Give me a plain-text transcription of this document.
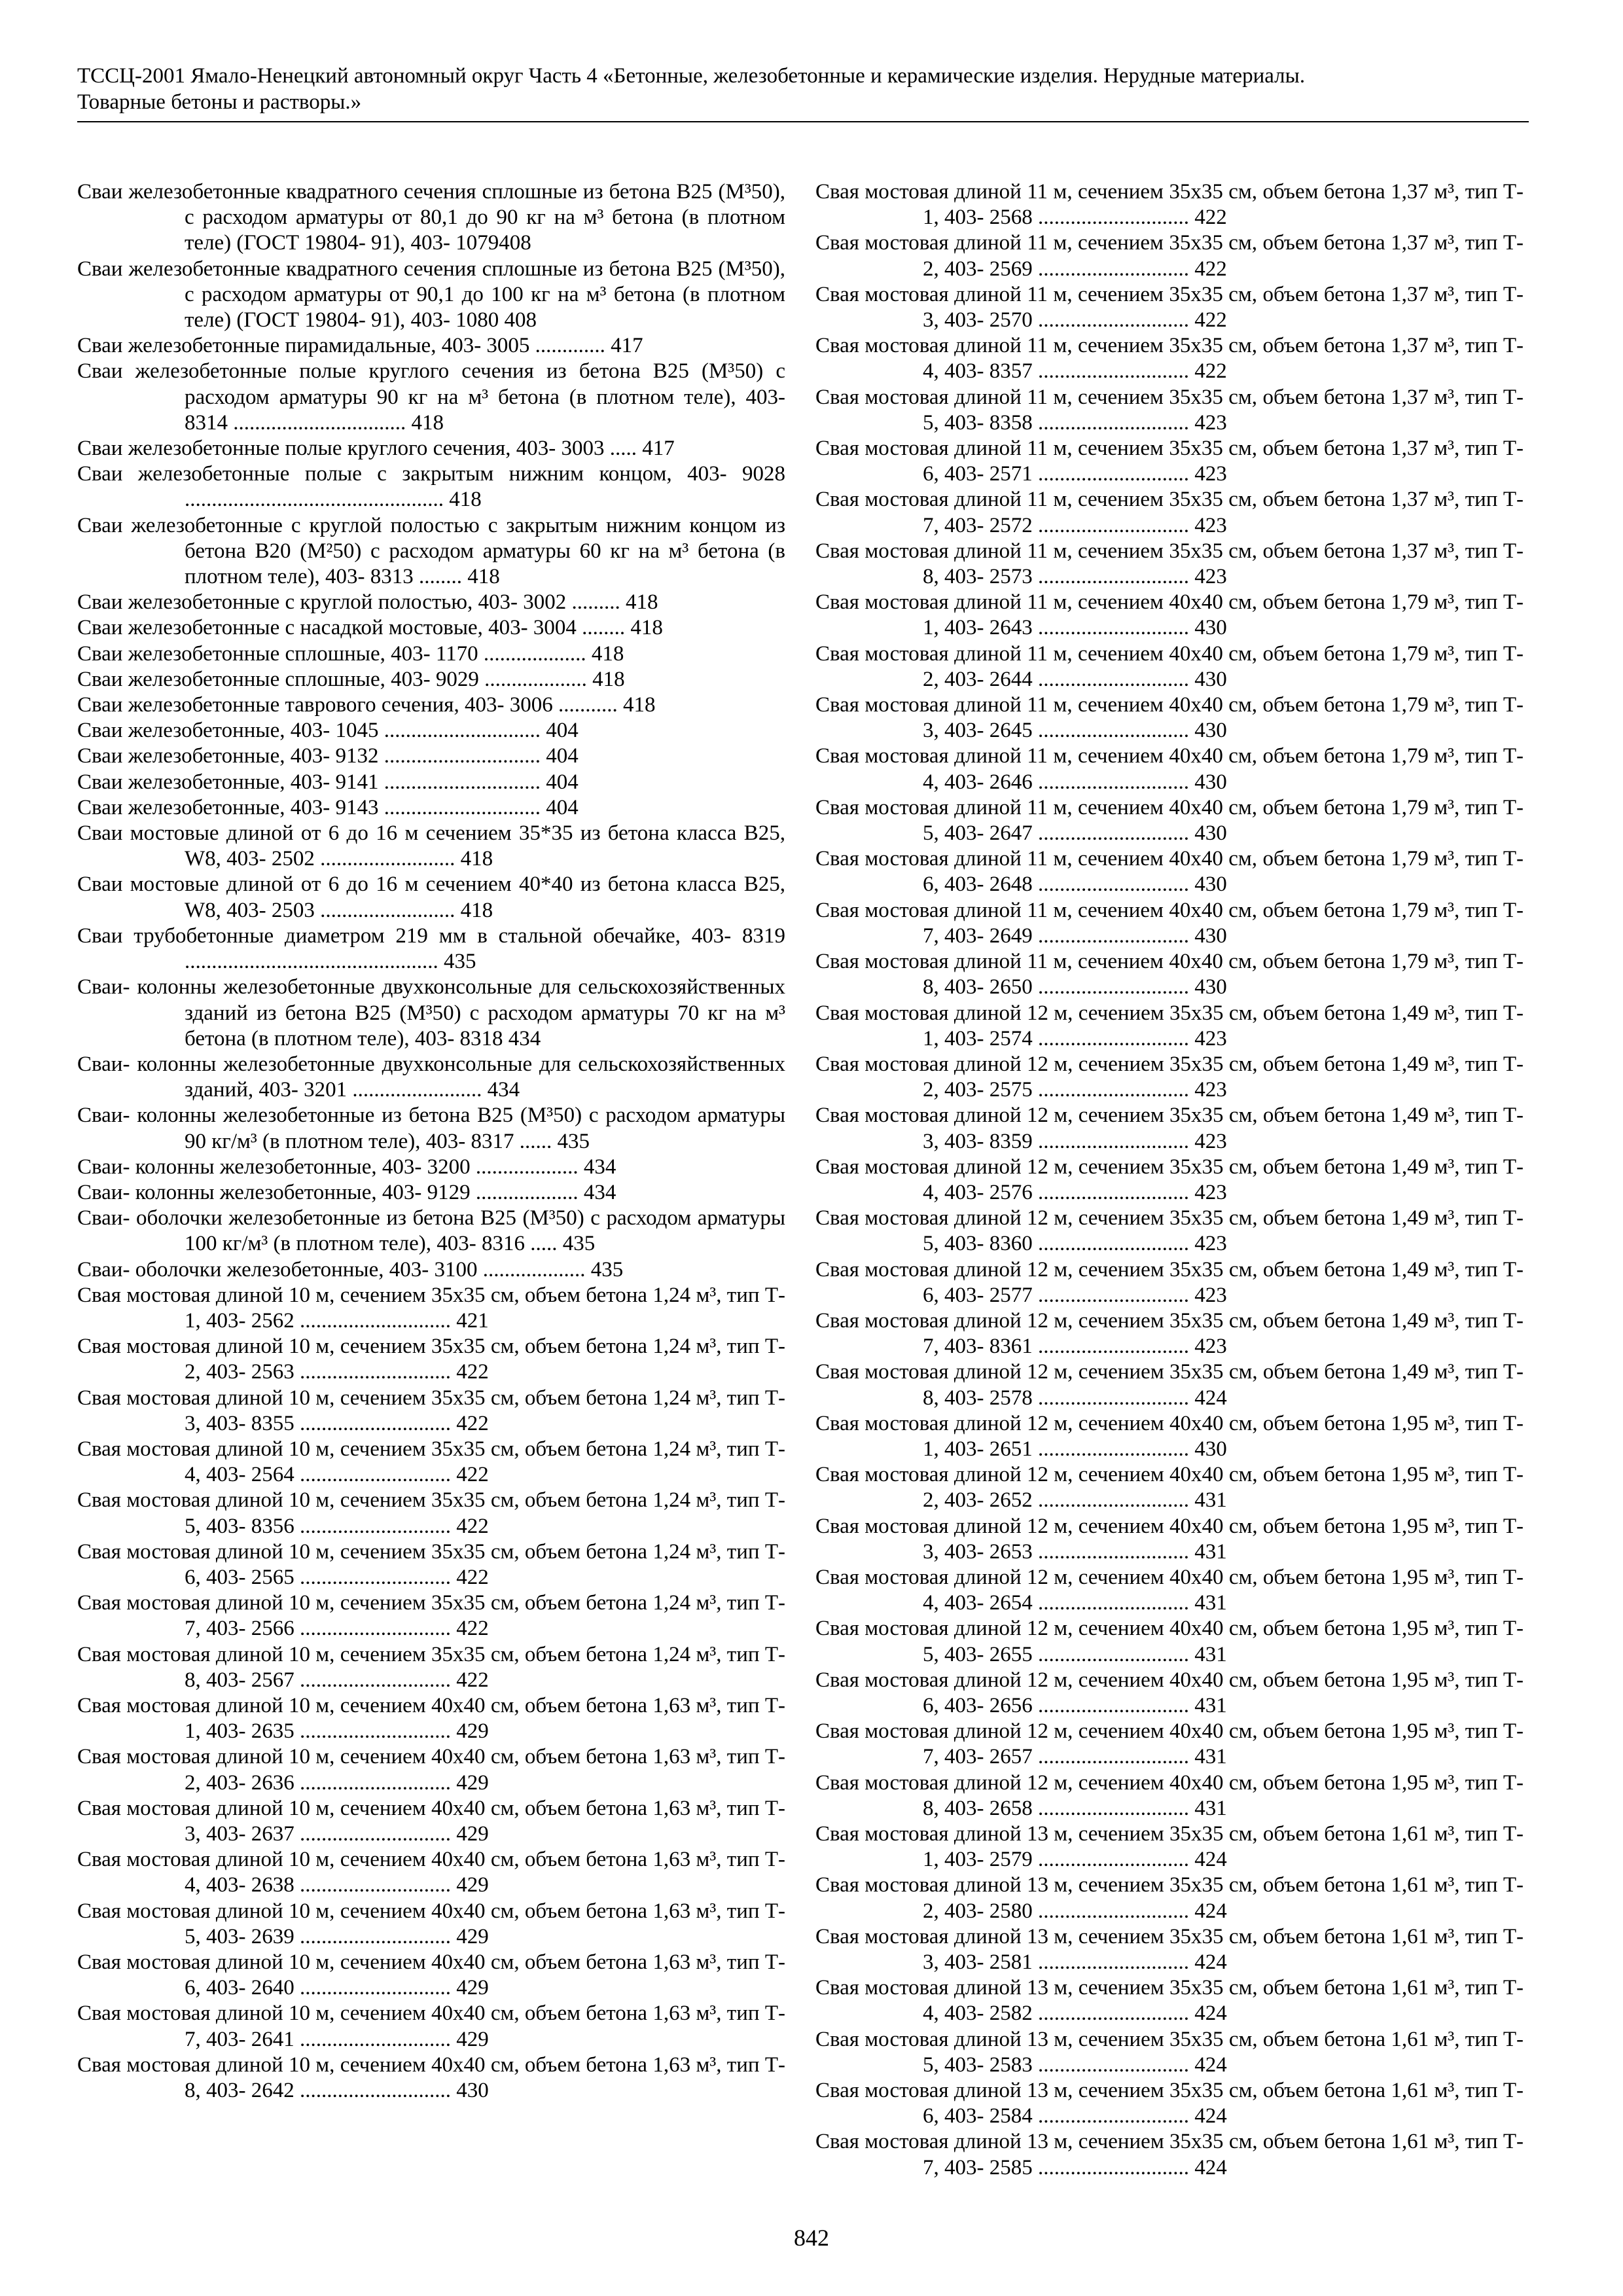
ТССЦ-2001 Ямало-Ненецкий автономный округ Часть 4 «Бетонные, железобетонные и керамические изделия. Нерудные материалы.
Товарные бетоны и растворы.»
Сваи железобетонные квадратного сечения сплошные из бетона В25 (М³50), с расходом арматуры от 80,1 до 90 кг на м³ бетона (в плотном теле) (ГОСТ 19804- 91), 403- 1079408
Сваи железобетонные квадратного сечения сплошные из бетона В25 (М³50), с расходом арматуры от 90,1 до 100 кг на м³ бетона (в плотном теле) (ГОСТ 19804- 91), 403- 1080 408
Сваи железобетонные пирамидальные, 403- 3005 ............. 417
Сваи железобетонные полые круглого сечения из бетона В25 (М³50) с расходом арматуры 90 кг на м³ бетона (в плотном теле), 403- 8314 ................................ 418
Сваи железобетонные полые круглого сечения, 403- 3003 ..... 417
Сваи железобетонные полые с закрытым нижним концом, 403- 9028 ................................................ 418
Сваи железобетонные с круглой полостью с закрытым нижним концом из бетона В20 (М²50) с расходом арматуры 60 кг на м³ бетона (в плотном теле), 403- 8313 ........ 418
Сваи железобетонные с круглой полостью, 403- 3002 ......... 418
Сваи железобетонные с насадкой мостовые, 403- 3004 ........ 418
Сваи железобетонные сплошные, 403- 1170 ................... 418
Сваи железобетонные сплошные, 403- 9029 ................... 418
Сваи железобетонные таврового сечения, 403- 3006 ........... 418
Сваи железобетонные, 403- 1045 ............................. 404
Сваи железобетонные, 403- 9132 ............................. 404
Сваи железобетонные, 403- 9141 ............................. 404
Сваи железобетонные, 403- 9143 ............................. 404
Сваи мостовые длиной от 6 до 16 м сечением 35*35 из бетона класса В25, W8, 403- 2502 ......................... 418
Сваи мостовые длиной от 6 до 16 м сечением 40*40 из бетона класса В25, W8, 403- 2503 ......................... 418
Сваи трубобетонные диаметром 219 мм в стальной обечайке, 403- 8319 ............................................... 435
Сваи- колонны железобетонные двухконсольные для сельскохозяйственных зданий из бетона В25 (М³50) с расходом арматуры 70 кг на м³ бетона (в плотном теле), 403- 8318 434
Сваи- колонны железобетонные двухконсольные для сельскохозяйственных зданий, 403- 3201 ........................ 434
Сваи- колонны железобетонные из бетона В25 (М³50) с расходом арматуры 90 кг/м³ (в плотном теле), 403- 8317 ...... 435
Сваи- колонны железобетонные, 403- 3200 ................... 434
Сваи- колонны железобетонные, 403- 9129 ................... 434
Сваи- оболочки железобетонные из бетона В25 (М³50) с расходом арматуры 100 кг/м³ (в плотном теле), 403- 8316 ..... 435
Сваи- оболочки железобетонные, 403- 3100 ................... 435
Свая мостовая длиной 10 м, сечением 35х35 см, объем бетона 1,24 м³, тип Т- 1, 403- 2562 ............................ 421
Свая мостовая длиной 10 м, сечением 35х35 см, объем бетона 1,24 м³, тип Т- 2, 403- 2563 ............................ 422
Свая мостовая длиной 10 м, сечением 35х35 см, объем бетона 1,24 м³, тип Т- 3, 403- 8355 ............................ 422
Свая мостовая длиной 10 м, сечением 35х35 см, объем бетона 1,24 м³, тип Т- 4, 403- 2564 ............................ 422
Свая мостовая длиной 10 м, сечением 35х35 см, объем бетона 1,24 м³, тип Т- 5, 403- 8356 ............................ 422
Свая мостовая длиной 10 м, сечением 35х35 см, объем бетона 1,24 м³, тип Т- 6, 403- 2565 ............................ 422
Свая мостовая длиной 10 м, сечением 35х35 см, объем бетона 1,24 м³, тип Т- 7, 403- 2566 ............................ 422
Свая мостовая длиной 10 м, сечением 35х35 см, объем бетона 1,24 м³, тип Т- 8, 403- 2567 ............................ 422
Свая мостовая длиной 10 м, сечением 40х40 см, объем бетона 1,63 м³, тип Т- 1, 403- 2635 ............................ 429
Свая мостовая длиной 10 м, сечением 40х40 см, объем бетона 1,63 м³, тип Т- 2, 403- 2636 ............................ 429
Свая мостовая длиной 10 м, сечением 40х40 см, объем бетона 1,63 м³, тип Т- 3, 403- 2637 ............................ 429
Свая мостовая длиной 10 м, сечением 40х40 см, объем бетона 1,63 м³, тип Т- 4, 403- 2638 ............................ 429
Свая мостовая длиной 10 м, сечением 40х40 см, объем бетона 1,63 м³, тип Т- 5, 403- 2639 ............................ 429
Свая мостовая длиной 10 м, сечением 40х40 см, объем бетона 1,63 м³, тип Т- 6, 403- 2640 ............................ 429
Свая мостовая длиной 10 м, сечением 40х40 см, объем бетона 1,63 м³, тип Т- 7, 403- 2641 ............................ 429
Свая мостовая длиной 10 м, сечением 40х40 см, объем бетона 1,63 м³, тип Т- 8, 403- 2642 ............................ 430
Свая мостовая длиной 11 м, сечением 35х35 см, объем бетона 1,37 м³, тип Т- 1, 403- 2568 ............................ 422
Свая мостовая длиной 11 м, сечением 35х35 см, объем бетона 1,37 м³, тип Т- 2, 403- 2569 ............................ 422
Свая мостовая длиной 11 м, сечением 35х35 см, объем бетона 1,37 м³, тип Т- 3, 403- 2570 ............................ 422
Свая мостовая длиной 11 м, сечением 35х35 см, объем бетона 1,37 м³, тип Т- 4, 403- 8357 ............................ 422
Свая мостовая длиной 11 м, сечением 35х35 см, объем бетона 1,37 м³, тип Т- 5, 403- 8358 ............................ 423
Свая мостовая длиной 11 м, сечением 35х35 см, объем бетона 1,37 м³, тип Т- 6, 403- 2571 ............................ 423
Свая мостовая длиной 11 м, сечением 35х35 см, объем бетона 1,37 м³, тип Т- 7, 403- 2572 ............................ 423
Свая мостовая длиной 11 м, сечением 35х35 см, объем бетона 1,37 м³, тип Т- 8, 403- 2573 ............................ 423
Свая мостовая длиной 11 м, сечением 40х40 см, объем бетона 1,79 м³, тип Т- 1, 403- 2643 ............................ 430
Свая мостовая длиной 11 м, сечением 40х40 см, объем бетона 1,79 м³, тип Т- 2, 403- 2644 ............................ 430
Свая мостовая длиной 11 м, сечением 40х40 см, объем бетона 1,79 м³, тип Т- 3, 403- 2645 ............................ 430
Свая мостовая длиной 11 м, сечением 40х40 см, объем бетона 1,79 м³, тип Т- 4, 403- 2646 ............................ 430
Свая мостовая длиной 11 м, сечением 40х40 см, объем бетона 1,79 м³, тип Т- 5, 403- 2647 ............................ 430
Свая мостовая длиной 11 м, сечением 40х40 см, объем бетона 1,79 м³, тип Т- 6, 403- 2648 ............................ 430
Свая мостовая длиной 11 м, сечением 40х40 см, объем бетона 1,79 м³, тип Т- 7, 403- 2649 ............................ 430
Свая мостовая длиной 11 м, сечением 40х40 см, объем бетона 1,79 м³, тип Т- 8, 403- 2650 ............................ 430
Свая мостовая длиной 12 м, сечением 35х35 см, объем бетона 1,49 м³, тип Т- 1, 403- 2574 ............................ 423
Свая мостовая длиной 12 м, сечением 35х35 см, объем бетона 1,49 м³, тип Т- 2, 403- 2575 ............................ 423
Свая мостовая длиной 12 м, сечением 35х35 см, объем бетона 1,49 м³, тип Т- 3, 403- 8359 ............................ 423
Свая мостовая длиной 12 м, сечением 35х35 см, объем бетона 1,49 м³, тип Т- 4, 403- 2576 ............................ 423
Свая мостовая длиной 12 м, сечением 35х35 см, объем бетона 1,49 м³, тип Т- 5, 403- 8360 ............................ 423
Свая мостовая длиной 12 м, сечением 35х35 см, объем бетона 1,49 м³, тип Т- 6, 403- 2577 ............................ 423
Свая мостовая длиной 12 м, сечением 35х35 см, объем бетона 1,49 м³, тип Т- 7, 403- 8361 ............................ 423
Свая мостовая длиной 12 м, сечением 35х35 см, объем бетона 1,49 м³, тип Т- 8, 403- 2578 ............................ 424
Свая мостовая длиной 12 м, сечением 40х40 см, объем бетона 1,95 м³, тип Т- 1, 403- 2651 ............................ 430
Свая мостовая длиной 12 м, сечением 40х40 см, объем бетона 1,95 м³, тип Т- 2, 403- 2652 ............................ 431
Свая мостовая длиной 12 м, сечением 40х40 см, объем бетона 1,95 м³, тип Т- 3, 403- 2653 ............................ 431
Свая мостовая длиной 12 м, сечением 40х40 см, объем бетона 1,95 м³, тип Т- 4, 403- 2654 ............................ 431
Свая мостовая длиной 12 м, сечением 40х40 см, объем бетона 1,95 м³, тип Т- 5, 403- 2655 ............................ 431
Свая мостовая длиной 12 м, сечением 40х40 см, объем бетона 1,95 м³, тип Т- 6, 403- 2656 ............................ 431
Свая мостовая длиной 12 м, сечением 40х40 см, объем бетона 1,95 м³, тип Т- 7, 403- 2657 ............................ 431
Свая мостовая длиной 12 м, сечением 40х40 см, объем бетона 1,95 м³, тип Т- 8, 403- 2658 ............................ 431
Свая мостовая длиной 13 м, сечением 35х35 см, объем бетона 1,61 м³, тип Т- 1, 403- 2579 ............................ 424
Свая мостовая длиной 13 м, сечением 35х35 см, объем бетона 1,61 м³, тип Т- 2, 403- 2580 ............................ 424
Свая мостовая длиной 13 м, сечением 35х35 см, объем бетона 1,61 м³, тип Т- 3, 403- 2581 ............................ 424
Свая мостовая длиной 13 м, сечением 35х35 см, объем бетона 1,61 м³, тип Т- 4, 403- 2582 ............................ 424
Свая мостовая длиной 13 м, сечением 35х35 см, объем бетона 1,61 м³, тип Т- 5, 403- 2583 ............................ 424
Свая мостовая длиной 13 м, сечением 35х35 см, объем бетона 1,61 м³, тип Т- 6, 403- 2584 ............................ 424
Свая мостовая длиной 13 м, сечением 35х35 см, объем бетона 1,61 м³, тип Т- 7, 403- 2585 ............................ 424
842
